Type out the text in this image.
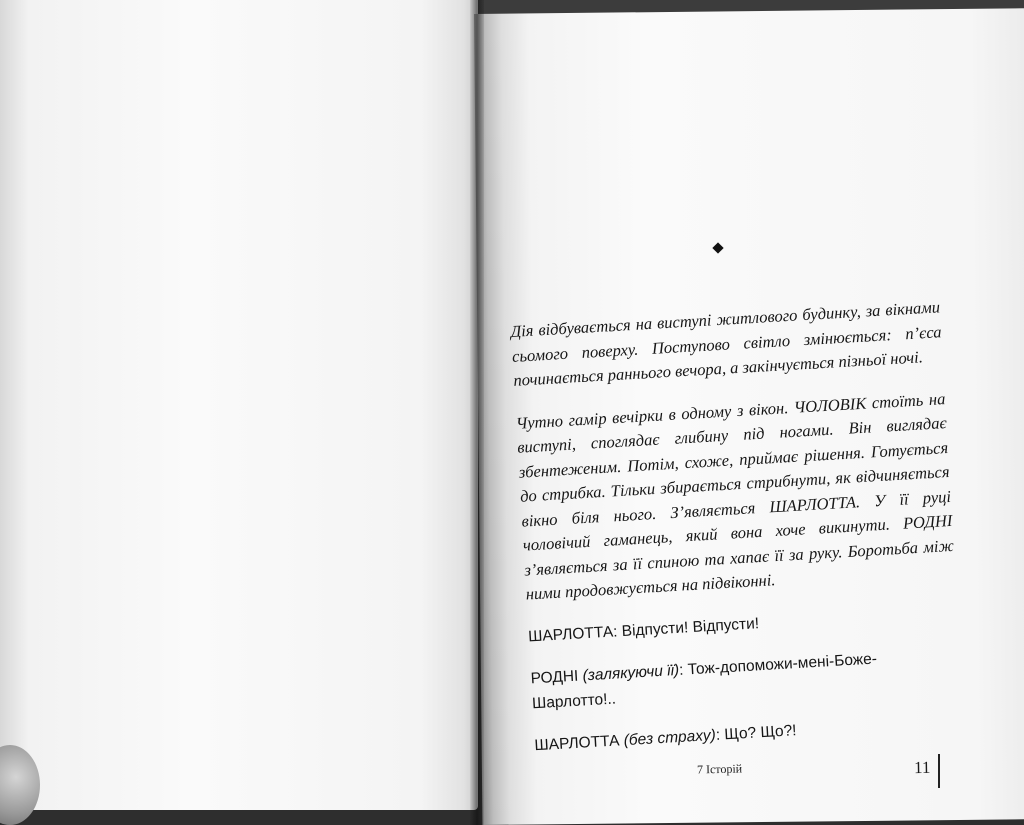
Дія відбувається на виступі житлового будинку, за вікнами сьомого поверху. Поступово світло змінюється: п’єса починається раннього вечора, а закінчується пізньої ночі.

Чутно гамір вечірки в одному з вікон. ЧОЛОВІК стоїть на виступі, споглядає глибину під ногами. Він виглядає збентеженим. Потім, схоже, приймає рішення. Готується до стрибка. Тільки збирається стрибнути, як відчиняється вікно біля нього. З’являється ШАРЛОТТА. У її руці чоловічий гаманець, який вона хоче викинути. РОДНІ з’являється за її спиною та хапає її за руку. Боротьба між ними продовжується на підвіконні.

ШАРЛОТТА: Відпусти! Відпусти!

РОДНІ (залякуючи її): Тож-допоможи-мені-Боже-Шарлотто!..

ШАРЛОТТА (без страху): Що? Що?!

7 Історій	11
